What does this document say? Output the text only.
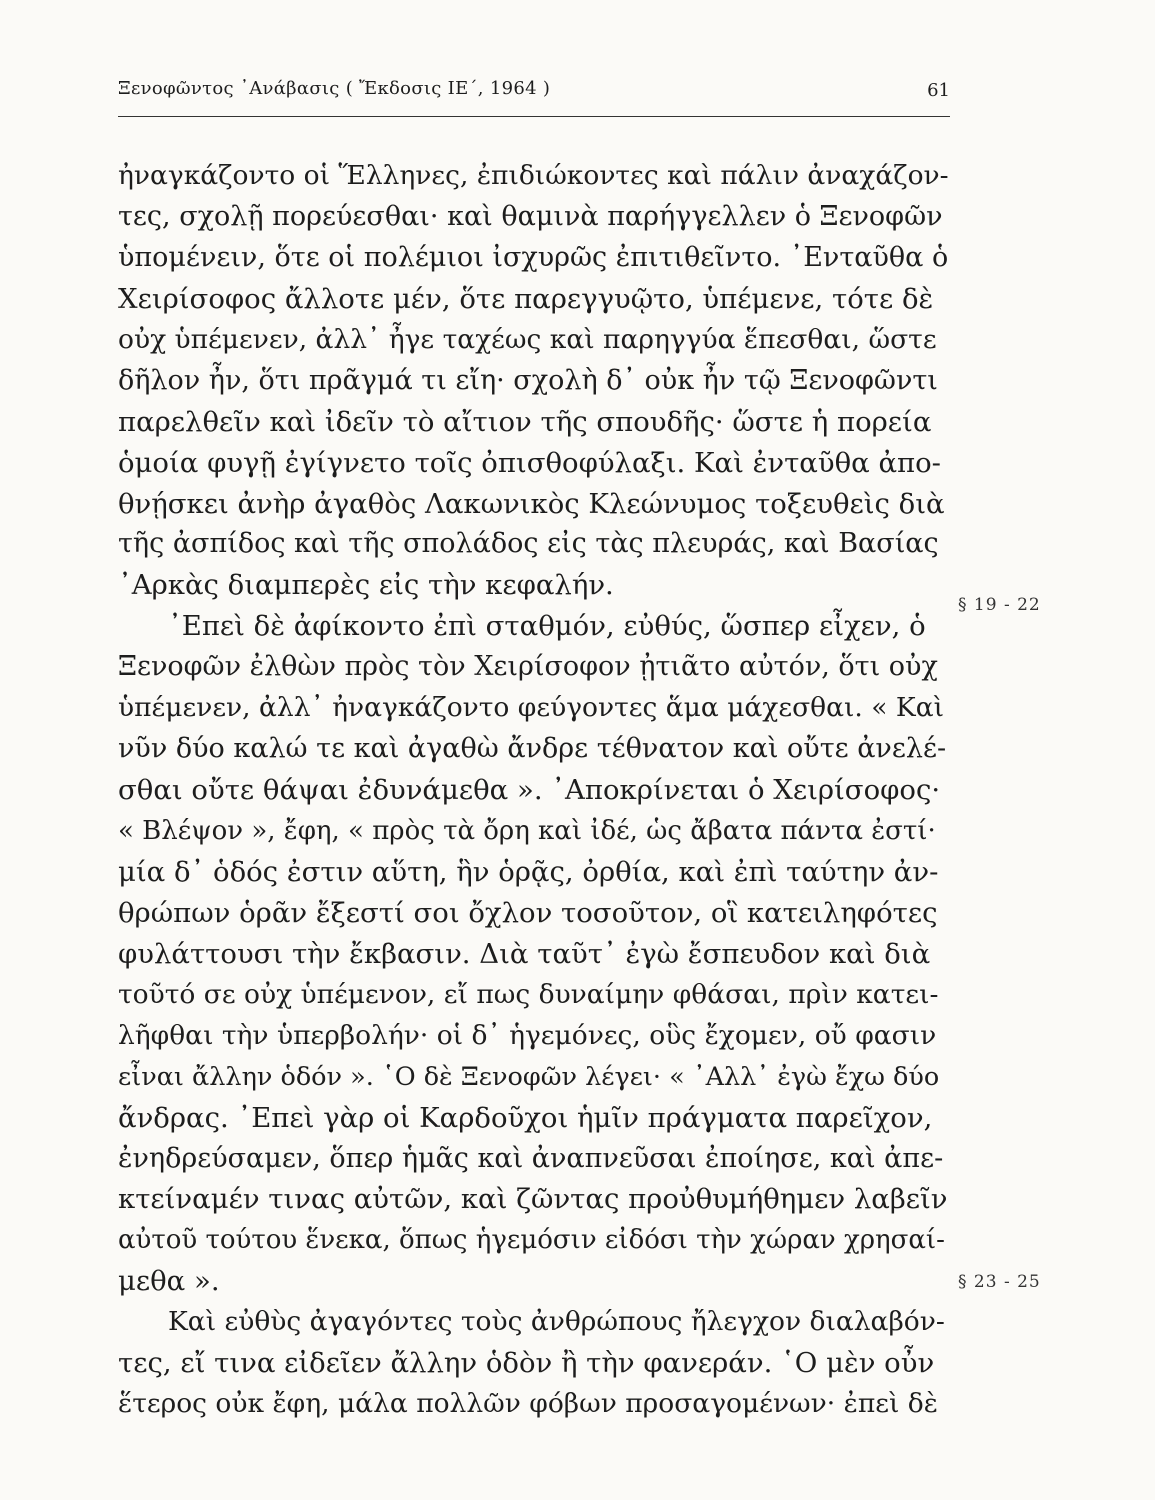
Ξενοφῶντος ᾿Ανάβασις ( Ἔκδοσις ΙΕ΄, 1964 )	61
ἠναγκάζοντο οἱ Ἕλληνες, ἐπιδιώκοντες καὶ πάλιν ἀναχάζον-
τες, σχολῇ πορεύεσθαι· καὶ θαμινὰ παρήγγελλεν ὁ Ξενοφῶν
ὑπομένειν, ὅτε οἱ πολέμιοι ἰσχυρῶς ἐπιτιθεῖντο. ᾿Ενταῦθα ὁ
Χειρίσοφος ἄλλοτε μέν, ὅτε παρεγγυῷτο, ὑπέμενε, τότε δὲ
οὐχ ὑπέμενεν, ἀλλ᾽ ἦγε ταχέως καὶ παρηγγύα ἕπεσθαι, ὥστε
δῆλον ἦν, ὅτι πρᾶγμά τι εἴη· σχολὴ δ᾽ οὐκ ἦν τῷ Ξενοφῶντι
παρελθεῖν καὶ ἰδεῖν τὸ αἴτιον τῆς σπουδῆς· ὥστε ἡ πορεία
ὁμοία φυγῇ ἐγίγνετο τοῖς ὀπισθοφύλαξι. Καὶ ἐνταῦθα ἀπο-
θνῄσκει ἀνὴρ ἀγαθὸς Λακωνικὸς Κλεώνυμος τοξευθεὶς διὰ
τῆς ἀσπίδος καὶ τῆς σπολάδος εἰς τὰς πλευράς, καὶ Βασίας
᾿Αρκὰς διαμπερὲς εἰς τὴν κεφαλήν.
᾿Επεὶ δὲ ἀφίκοντο ἐπὶ σταθμόν, εὐθύς, ὥσπερ εἶχεν, ὁ
Ξενοφῶν ἐλθὼν πρὸς τὸν Χειρίσοφον ᾐτιᾶτο αὐτόν, ὅτι οὐχ
ὑπέμενεν, ἀλλ᾽ ἠναγκάζοντο φεύγοντες ἅμα μάχεσθαι. « Καὶ
νῦν δύο καλώ τε καὶ ἀγαθὼ ἄνδρε τέθνατον καὶ οὔτε ἀνελέ-
σθαι οὔτε θάψαι ἐδυνάμεθα ». ᾿Αποκρίνεται ὁ Χειρίσοφος·
« Βλέψον », ἔφη, « πρὸς τὰ ὄρη καὶ ἰδέ, ὡς ἄβατα πάντα ἐστί·
μία δ᾽ ὁδός ἐστιν αὕτη, ἣν ὁρᾷς, ὀρθία, καὶ ἐπὶ ταύτην ἀν-
θρώπων ὁρᾶν ἔξεστί σοι ὄχλον τοσοῦτον, οἳ κατειληφότες
φυλάττουσι τὴν ἔκβασιν. Διὰ ταῦτ᾽ ἐγὼ ἔσπευδον καὶ διὰ
τοῦτό σε οὐχ ὑπέμενον, εἴ πως δυναίμην φθάσαι, πρὶν κατει-
λῆφθαι τὴν ὑπερβολήν· οἱ δ᾽ ἡγεμόνες, οὓς ἔχομεν, οὔ φασιν
εἶναι ἄλλην ὁδόν ». ῾Ο δὲ Ξενοφῶν λέγει· « ᾿Αλλ᾽ ἐγὼ ἔχω δύο
ἄνδρας. ᾿Επεὶ γὰρ οἱ Καρδοῦχοι ἡμῖν πράγματα παρεῖχον,
ἐνηδρεύσαμεν, ὅπερ ἡμᾶς καὶ ἀναπνεῦσαι ἐποίησε, καὶ ἀπε-
κτείναμέν τινας αὐτῶν, καὶ ζῶντας προὐθυμήθημεν λαβεῖν
αὐτοῦ τούτου ἕνεκα, ὅπως ἡγεμόσιν εἰδόσι τὴν χώραν χρησαί-
μεθα ».
Καὶ εὐθὺς ἀγαγόντες τοὺς ἀνθρώπους ἤλεγχον διαλαβόν-
τες, εἴ τινα εἰδεῖεν ἄλλην ὁδὸν ἢ τὴν φανεράν. ῾Ο μὲν οὖν
ἕτερος οὐκ ἔφη, μάλα πολλῶν φόβων προσαγομένων· ἐπεὶ δὲ
§ 19 - 22
§ 23 - 25
